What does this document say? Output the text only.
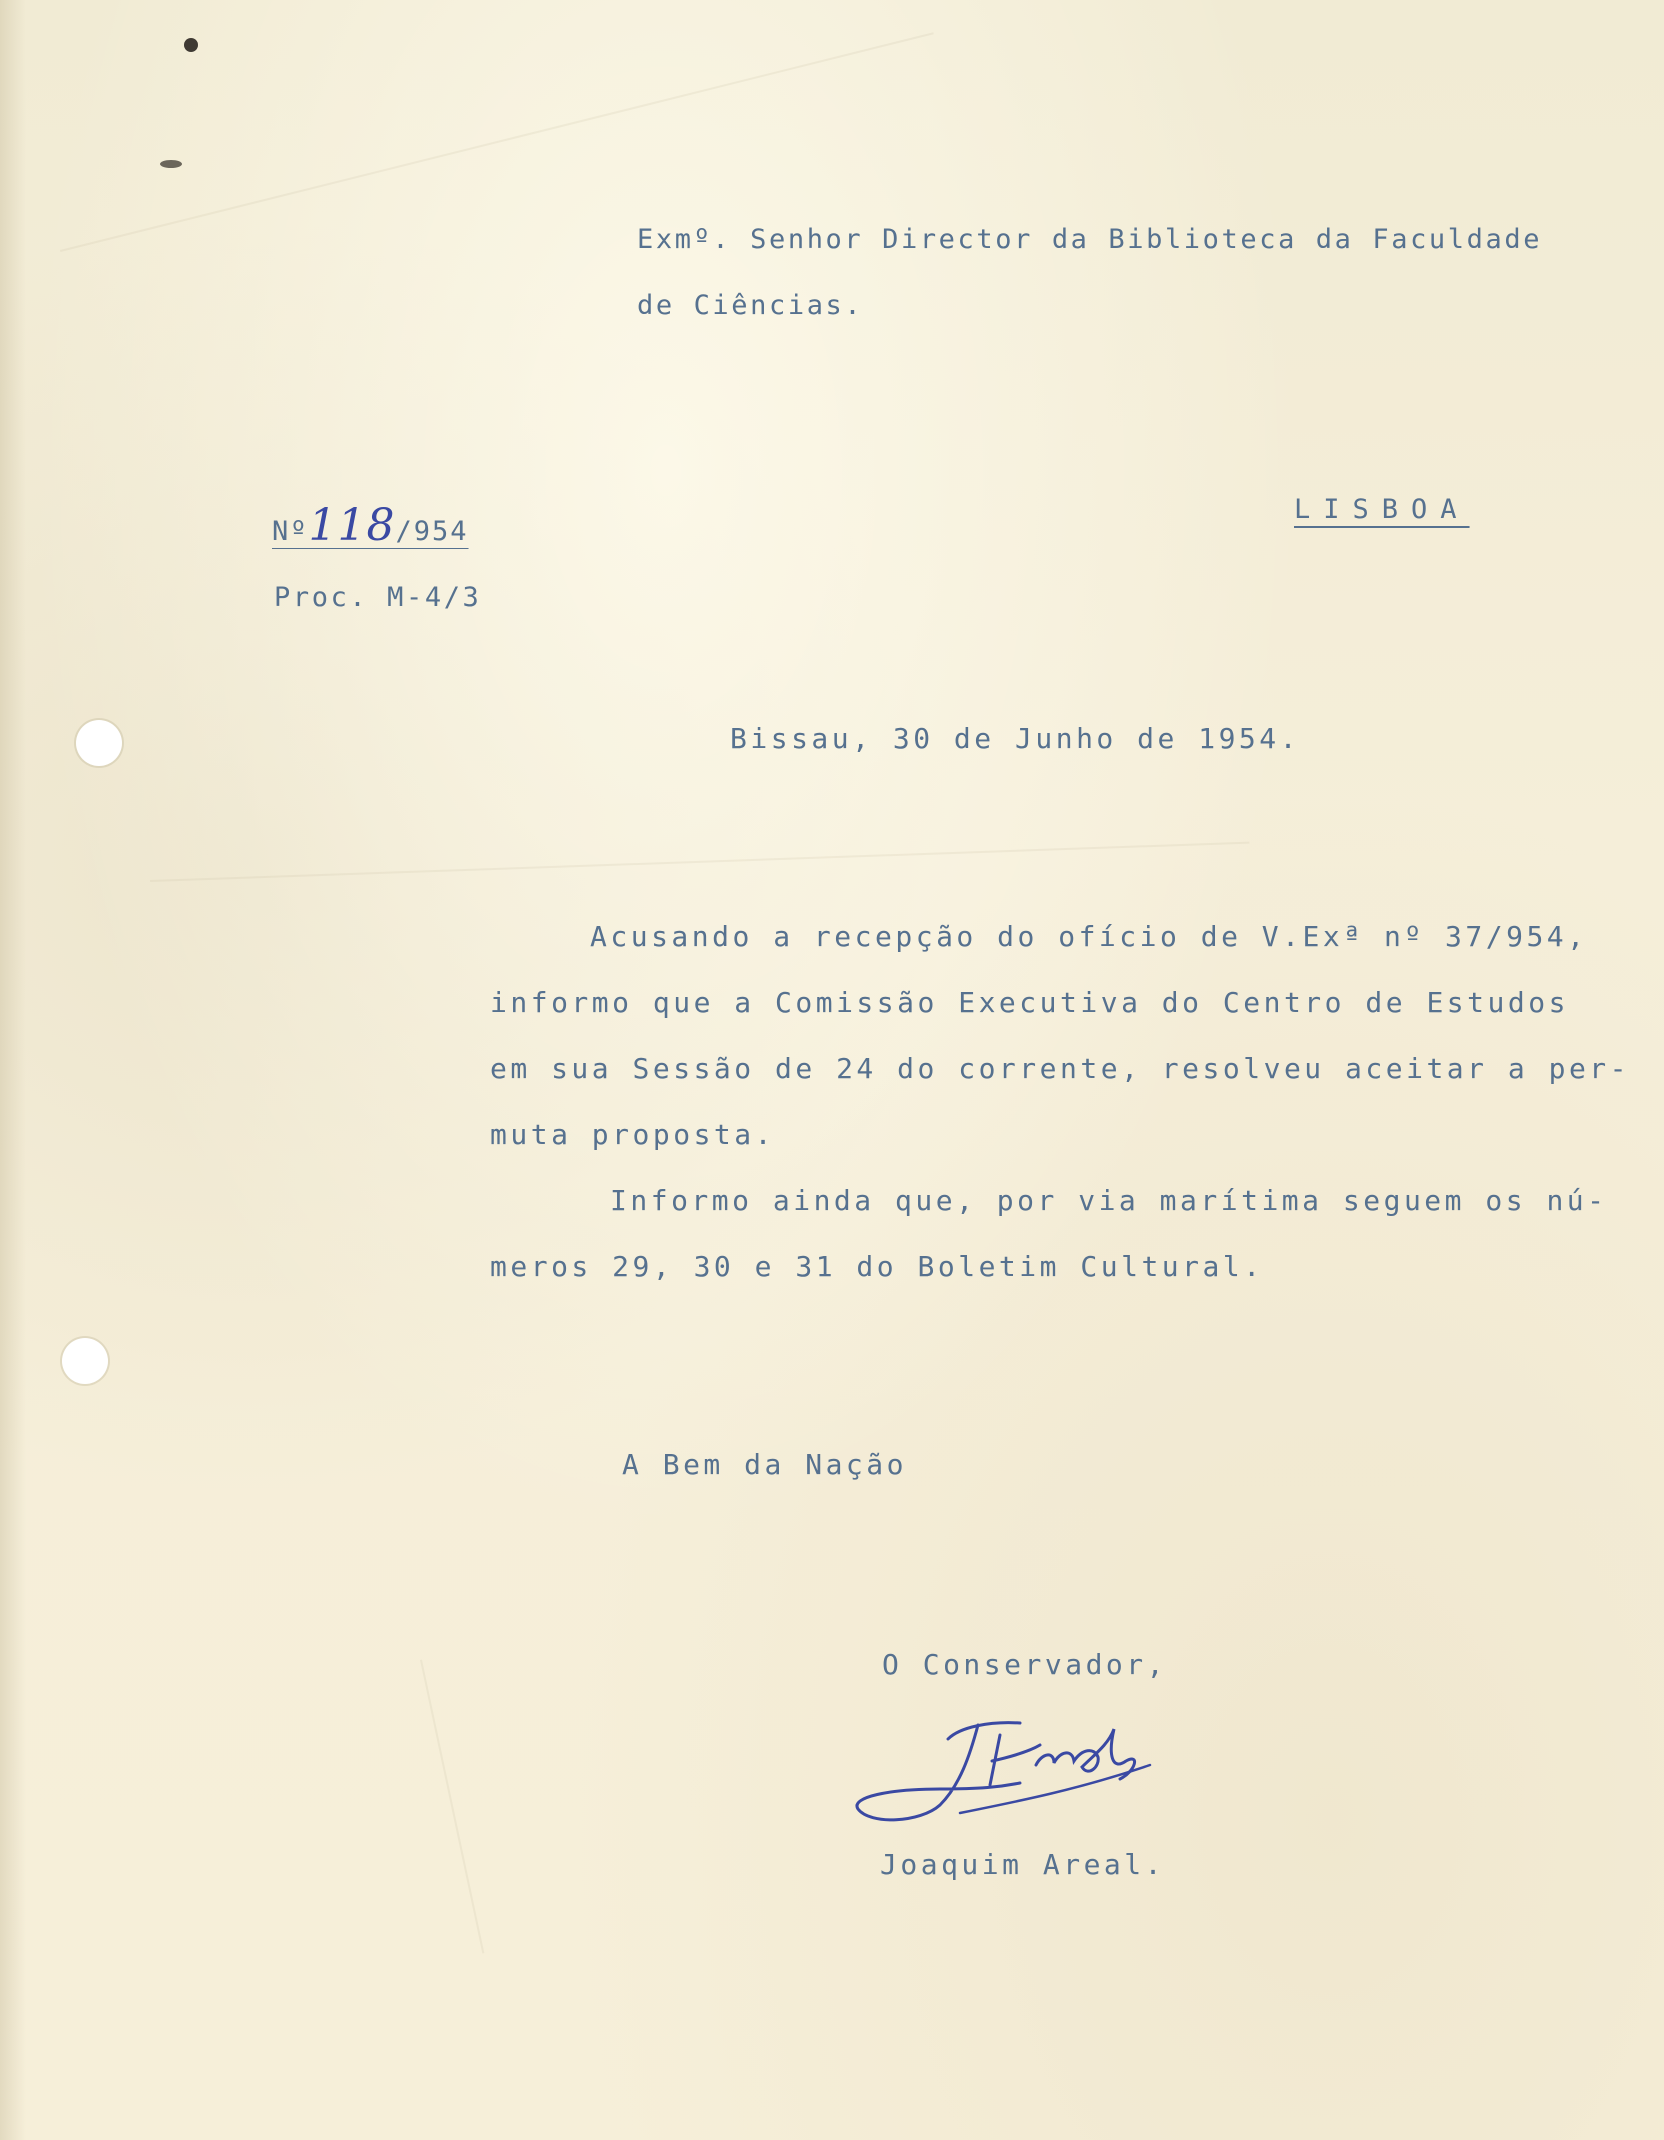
Exmº. Senhor Director da Biblioteca da Faculdade
de Ciências.
LISBOA
Nº118/954
Proc. M-4/3
Bissau, 30 de Junho de 1954.
Acusando a recepção do ofício de V.Exª nº 37/954,
informo que a Comissão Executiva do Centro de Estudos
em sua Sessão de 24 do corrente, resolveu aceitar a per-
muta proposta.
Informo ainda que, por via marítima seguem os nú-
meros 29, 30 e 31 do Boletim Cultural.
A Bem da Nação
O Conservador,
Joaquim Areal.
